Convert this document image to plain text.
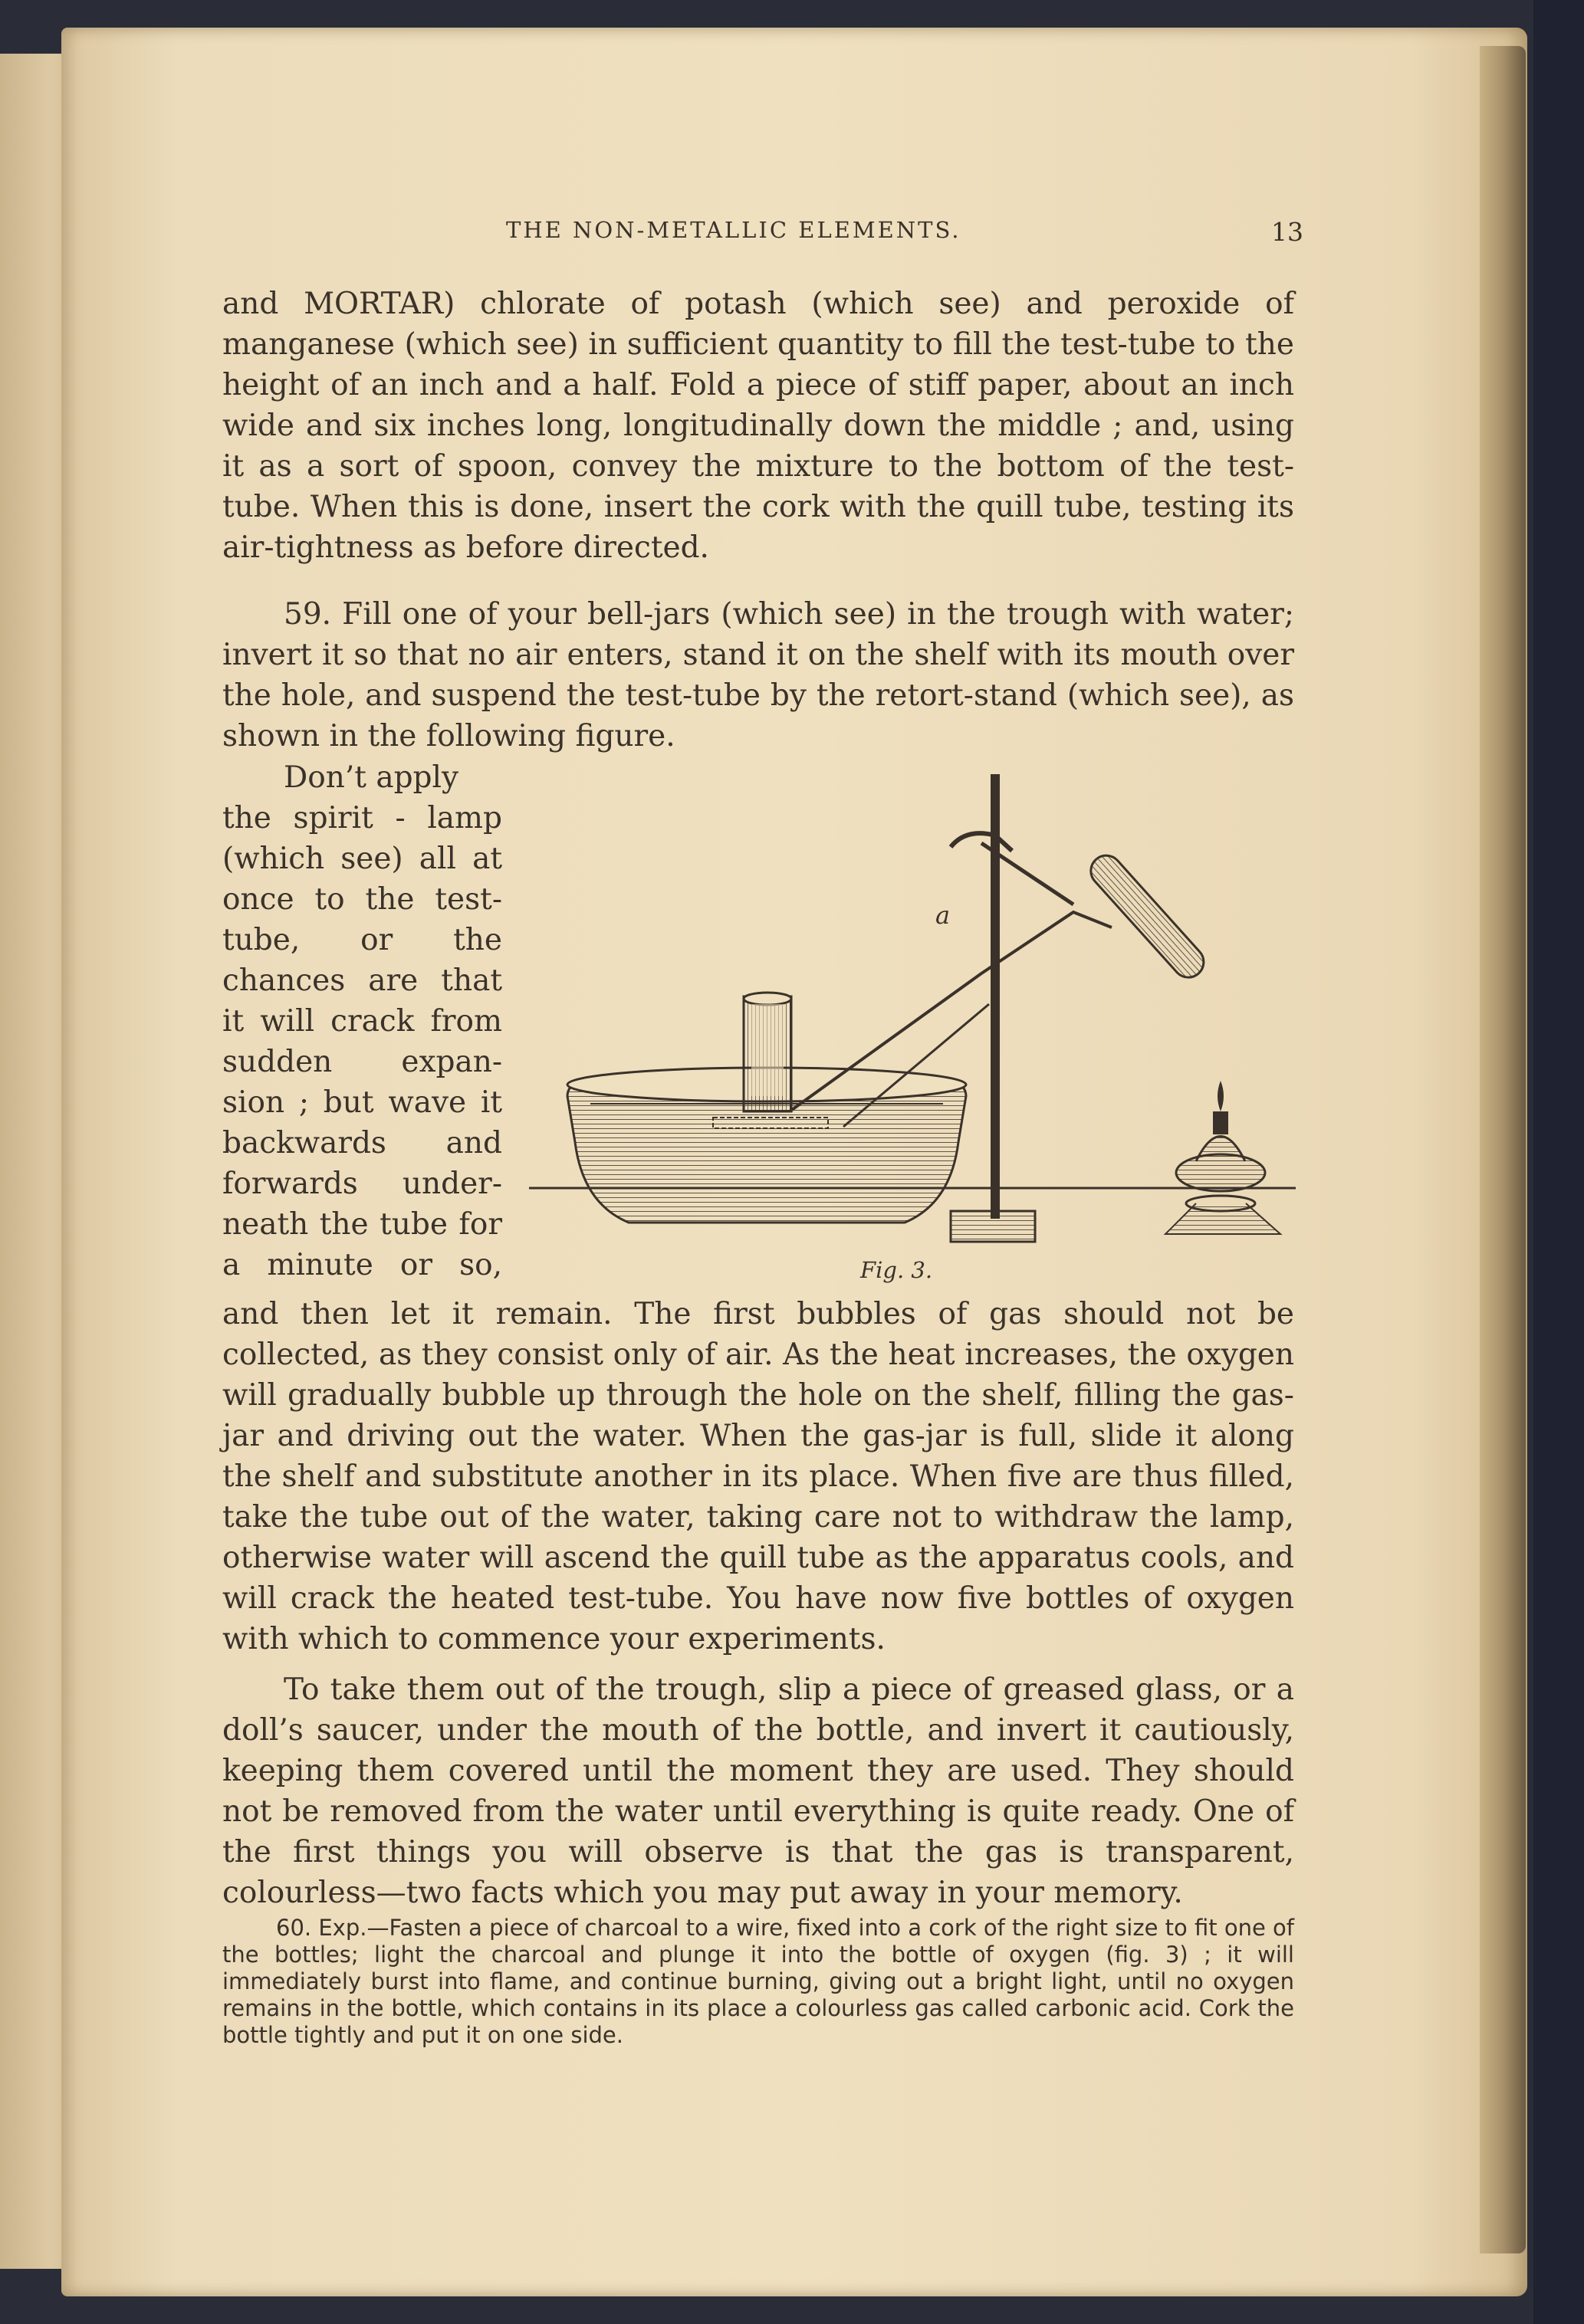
THE NON-METALLIC ELEMENTS.	13
and MORTAR) chlorate of potash (which see) and peroxide of manganese (which see) in sufficient quantity to fill the test-tube to the height of an inch and a half. Fold a piece of stiff paper, about an inch wide and six inches long, longitudinally down the middle ; and, using it as a sort of spoon, convey the mixture to the bottom of the test-tube. When this is done, insert the cork with the quill tube, testing its air-tightness as before directed.
59. Fill one of your bell-jars (which see) in the trough with water; invert it so that no air enters, stand it on the shelf with its mouth over the hole, and suspend the test-tube by the retort-stand (which see), as shown in the following figure.
Don’t apply
the spirit - lamp
(which see) all at
once to the test-
tube, or the
chances are that
it will crack from
sudden expan-
sion ; but wave it
backwards and
forwards under-
neath the tube for
a minute or so,
a
Fig. 3.
and then let it remain. The first bubbles of gas should not be collected, as they consist only of air. As the heat increases, the oxygen will gradually bubble up through the hole on the shelf, filling the gas-jar and driving out the water. When the gas-jar is full, slide it along the shelf and substitute another in its place. When five are thus filled, take the tube out of the water, taking care not to withdraw the lamp, otherwise water will ascend the quill tube as the apparatus cools, and will crack the heated test-tube. You have now five bottles of oxygen with which to commence your experiments.
To take them out of the trough, slip a piece of greased glass, or a doll’s saucer, under the mouth of the bottle, and invert it cautiously, keeping them covered until the moment they are used. They should not be removed from the water until everything is quite ready. One of the first things you will observe is that the gas is transparent, colourless—two facts which you may put away in your memory.
60. Exp.—Fasten a piece of charcoal to a wire, fixed into a cork of the right size to fit one of the bottles; light the charcoal and plunge it into the bottle of oxygen (fig. 3) ; it will immediately burst into flame, and continue burning, giving out a bright light, until no oxygen remains in the bottle, which contains in its place a colourless gas called carbonic acid. Cork the bottle tightly and put it on one side.
